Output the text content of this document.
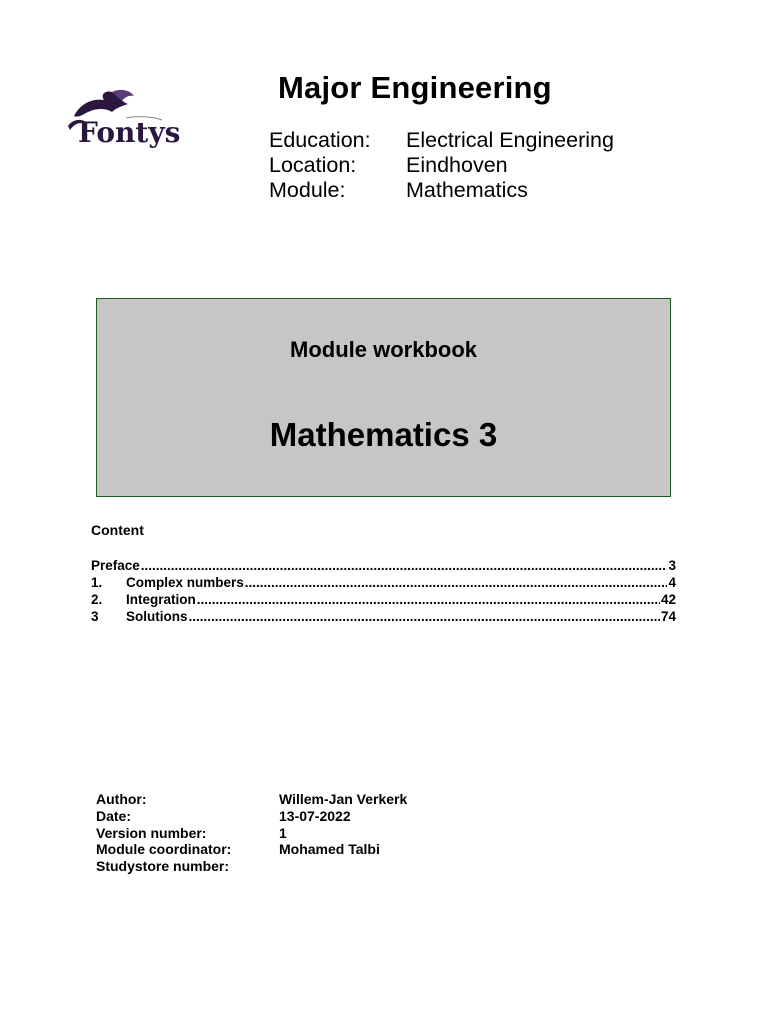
Fontys
Major Engineering
Education:	Electrical Engineering
Location:	Eindhoven
Module:	Mathematics
Module workbook
Mathematics 3
Content
Preface .....	3
1.	Complex numbers .....	4
2.	Integration .....	42
3	Solutions .....	74
Author:	Willem-Jan Verkerk
Date:	13-07-2022
Version number:	1
Module coordinator:	Mohamed Talbi
Studystore number:
